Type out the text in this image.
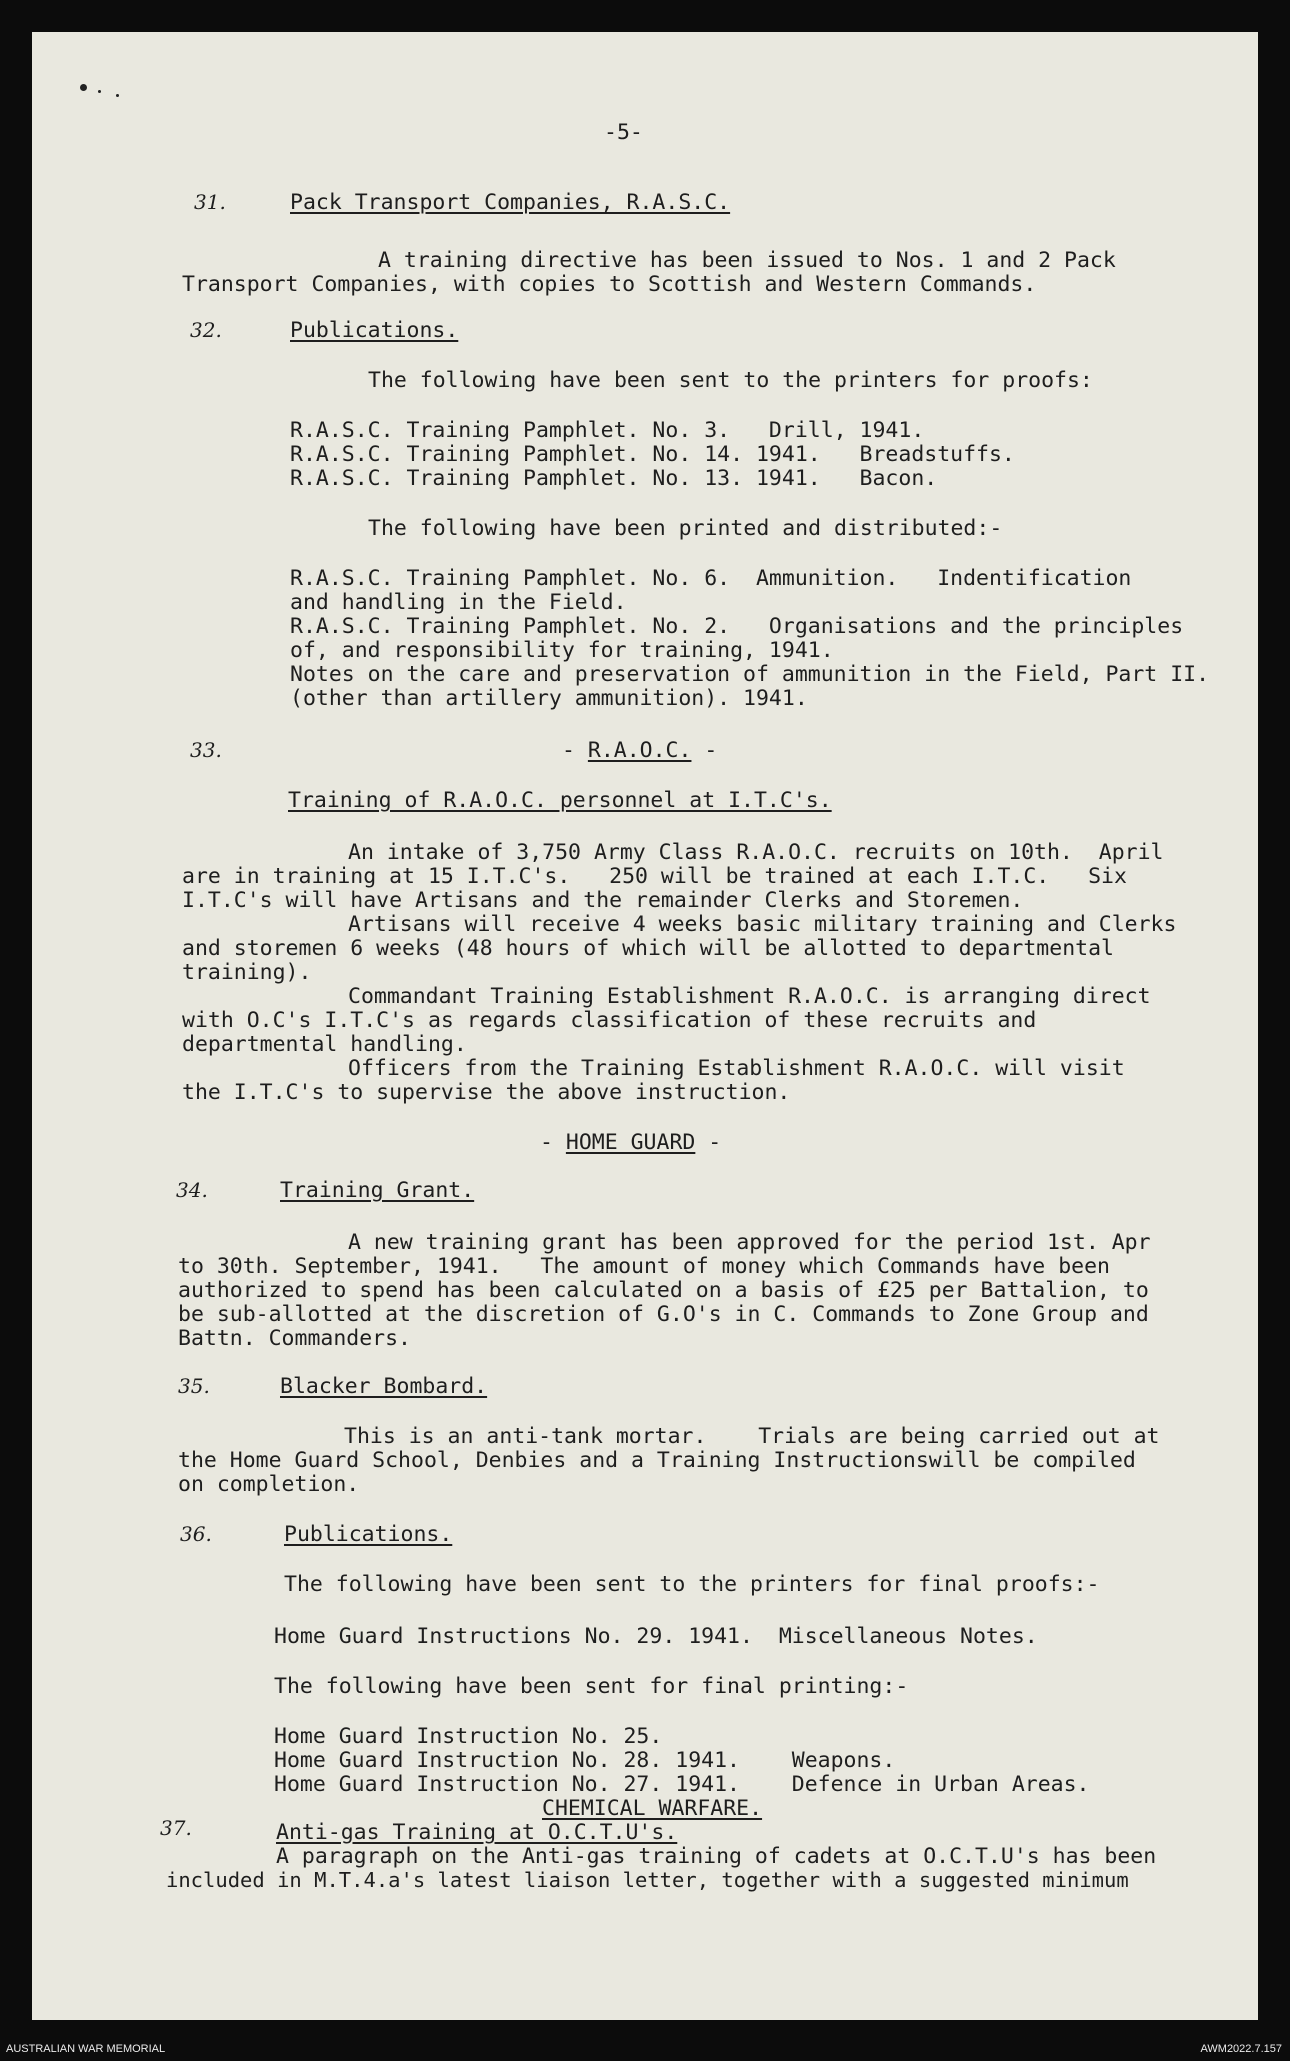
-5-
31.	Pack Transport Companies, R.A.S.C.
A training directive has been issued to Nos. 1 and 2 Pack
Transport Companies, with copies to Scottish and Western Commands.
32.	Publications.
The following have been sent to the printers for proofs:
R.A.S.C. Training Pamphlet. No. 3.   Drill, 1941.
R.A.S.C. Training Pamphlet. No. 14. 1941.   Breadstuffs.
R.A.S.C. Training Pamphlet. No. 13. 1941.   Bacon.
The following have been printed and distributed:-
R.A.S.C. Training Pamphlet. No. 6.  Ammunition.   Indentification
and handling in the Field.
R.A.S.C. Training Pamphlet. No. 2.   Organisations and the principles
of, and responsibility for training, 1941.
Notes on the care and preservation of ammunition in the Field, Part II.
(other than artillery ammunition). 1941.
33.	- R.A.O.C. -
Training of R.A.O.C. personnel at I.T.C's.
An intake of 3,750 Army Class R.A.O.C. recruits on 10th.  April
are in training at 15 I.T.C's.   250 will be trained at each I.T.C.   Six
I.T.C's will have Artisans and the remainder Clerks and Storemen.
Artisans will receive 4 weeks basic military training and Clerks
and storemen 6 weeks (48 hours of which will be allotted to departmental
training).
Commandant Training Establishment R.A.O.C. is arranging direct
with O.C's I.T.C's as regards classification of these recruits and
departmental handling.
Officers from the Training Establishment R.A.O.C. will visit
the I.T.C's to supervise the above instruction.
- HOME GUARD -
34.	Training Grant.
A new training grant has been approved for the period 1st. Apr
to 30th. September, 1941.   The amount of money which Commands have been
authorized to spend has been calculated on a basis of £25 per Battalion, to
be sub-allotted at the discretion of G.O's in C. Commands to Zone Group and
Battn. Commanders.
35.	Blacker Bombard.
This is an anti-tank mortar.    Trials are being carried out at
the Home Guard School, Denbies and a Training Instructionswill be compiled
on completion.
36.	Publications.
The following have been sent to the printers for final proofs:-
Home Guard Instructions No. 29. 1941.  Miscellaneous Notes.
The following have been sent for final printing:-
Home Guard Instruction No. 25.
Home Guard Instruction No. 28. 1941.    Weapons.
Home Guard Instruction No. 27. 1941.    Defence in Urban Areas.
CHEMICAL WARFARE.
37.	Anti-gas Training at O.C.T.U's.
A paragraph on the Anti-gas training of cadets at O.C.T.U's has been
included in M.T.4.a's latest liaison letter, together with a suggested minimum
AUSTRALIAN WAR MEMORIAL	AWM2022.7.157
